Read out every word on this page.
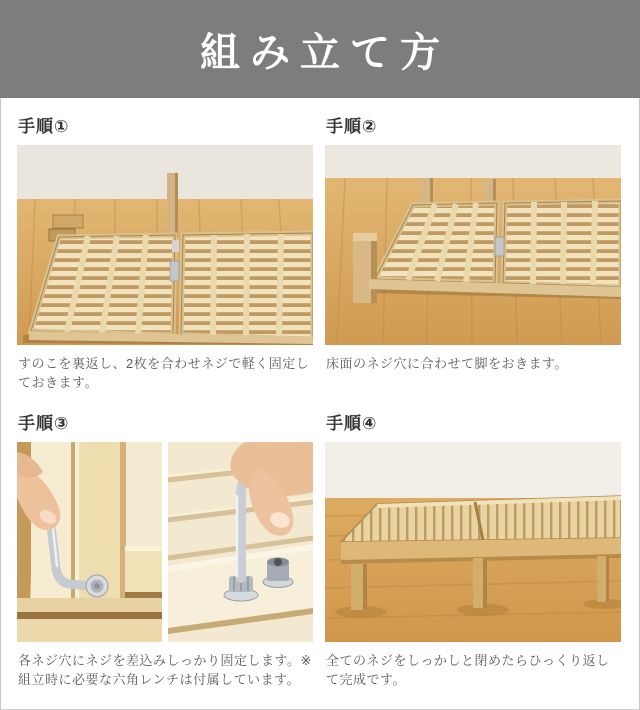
組み立て方
手順①
すのこを裏返し、2枚を合わせネジで軽く固定しておきます。
手順②
床面のネジ穴に合わせて脚をおきます。
手順③
各ネジ穴にネジを差込みしっかり固定します。※組立時に必要な六角レンチは付属しています。
手順④
全てのネジをしっかしと閉めたらひっくり返して完成です。
